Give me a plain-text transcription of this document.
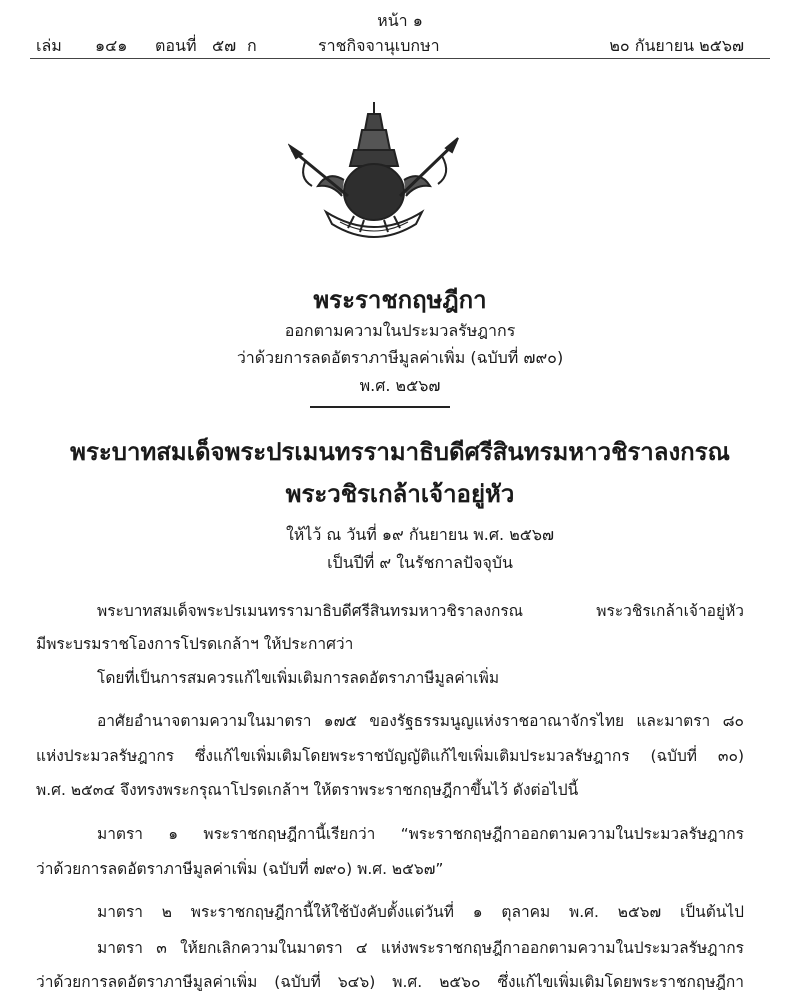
หน้า ๑
เล่ม ๑๔๑ ตอนที่ ๕๗ ก	ราชกิจจานุเบกษา	๒๐ กันยายน ๒๕๖๗
พระราชกฤษฎีกา
ออกตามความในประมวลรัษฎากร
ว่าด้วยการลดอัตราภาษีมูลค่าเพิ่ม (ฉบับที่ ๗๙๐)
พ.ศ. ๒๕๖๗
พระบาทสมเด็จพระปรเมนทรรามาธิบดีศรีสินทรมหาวชิราลงกรณ
พระวชิรเกล้าเจ้าอยู่หัว
ให้ไว้ ณ วันที่ ๑๙ กันยายน พ.ศ. ๒๕๖๗
เป็นปีที่ ๙ ในรัชกาลปัจจุบัน
พระบาทสมเด็จพระปรเมนทรรามาธิบดีศรีสินทรมหาวชิราลงกรณ พระวชิรเกล้าเจ้าอยู่หัว
มีพระบรมราชโองการโปรดเกล้าฯ ให้ประกาศว่า
โดยที่เป็นการสมควรแก้ไขเพิ่มเติมการลดอัตราภาษีมูลค่าเพิ่ม
อาศัยอำนาจตามความในมาตรา ๑๗๕ ของรัฐธรรมนูญแห่งราชอาณาจักรไทย และมาตรา ๘๐
แห่งประมวลรัษฎากร ซึ่งแก้ไขเพิ่มเติมโดยพระราชบัญญัติแก้ไขเพิ่มเติมประมวลรัษฎากร (ฉบับที่ ๓๐)
พ.ศ. ๒๕๓๔ จึงทรงพระกรุณาโปรดเกล้าฯ ให้ตราพระราชกฤษฎีกาขึ้นไว้ ดังต่อไปนี้
มาตรา ๑ พระราชกฤษฎีกานี้เรียกว่า “พระราชกฤษฎีกาออกตามความในประมวลรัษฎากร
ว่าด้วยการลดอัตราภาษีมูลค่าเพิ่ม (ฉบับที่ ๗๙๐) พ.ศ. ๒๕๖๗”
มาตรา ๒ พระราชกฤษฎีกานี้ให้ใช้บังคับตั้งแต่วันที่ ๑ ตุลาคม พ.ศ. ๒๕๖๗ เป็นต้นไป
มาตรา ๓ ให้ยกเลิกความในมาตรา ๔ แห่งพระราชกฤษฎีกาออกตามความในประมวลรัษฎากร
ว่าด้วยการลดอัตราภาษีมูลค่าเพิ่ม (ฉบับที่ ๖๔๖) พ.ศ. ๒๕๖๐ ซึ่งแก้ไขเพิ่มเติมโดยพระราชกฤษฎีกา
